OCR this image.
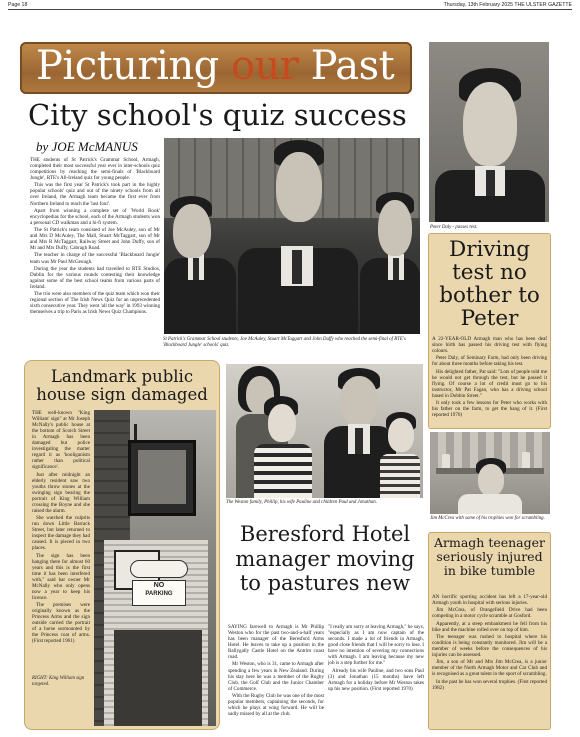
Page 18	Thursday, 13th February 2025 THE ULSTER GAZETTE
Picturing our Past
City school's quiz success
by JOE McMANUS

THE students of St Patrick's Grammar School, Armagh, completed their most successful year ever in inter-schools quiz competitions by reaching the semi-finals of 'Blackboard Jungle', RTE's All-Ireland quiz for young people.

This was the first year St Patrick's took part in the highly popular schools' quiz and out of the ninety schools from all over Ireland, the Armagh team became the first ever from Northern Ireland to reach the 'last four'.

Apart from winning a complete set of 'World Book' encyclopedias for the school, each of the Armagh students won a personal CD walkman and a hi-fi system.

The St Patrick's team consisted of Joe McAuley, son of Mr and Mrs D McAuley, The Mall, Stuart McTaggart, son of Mr and Mrs R McTaggart, Railway Street and John Duffy, son of Mr and Mrs Duffy, Cabragh Road.

The teacher in charge of the successful 'Blackboard Jungle' team was Mr Paul McGeough.

During the year the students had travelled to RTE Studios, Dublin for the various rounds contesting their knowledge against some of the best school teams from various parts of Ireland.

The trio were also members of the quiz team which won their regional section of The Irish News Quiz for an unprecedented sixth consecutive year. They went 'all the way' in 1993 winning themselves a trip to Paris as Irish News Quiz Champions.

St Patrick's Grammar School students, Joe McAuley, Stuart McTaggart and John Duffy who reached the semi-final of RTE's 'Blackboard Jungle' schools' quiz.
Peter Daly - passes test.
Driving test no bother to Peter

A 22-YEAR-OLD Armagh man who has been deaf since birth has passed his driving test with flying colours.

Peter Daly, of Seminary Farm, had only been driving for about three months before taking his test.

His delighted father, Pat said: "Lots of people told me he would not get through the test, but he passed it flying. Of course a lot of credit must go to his instructor, Mr Pat Fagan, who has a driving school based in Dobbin Street."

It only took a few lessons for Peter who works with his father on the farm, to get the hang of it. (First reported 1970)

Landmark public house sign damaged

THE well-known "King William' sign" at Mr Joseph McNally's public house at the bottom of Scotch Street in Armagh has been damaged but police investigating the matter regard it as 'hooliganism rather than political significance'.

Just after midnight an elderly resident saw two youths throw stones at the swinging sign bearing the portrait of King William crossing the Boyne and she raised the alarm.

She watched the culprits run down Little Barrack Street, but later returned to inspect the damage they had caused. It is pieced in two places.

The sign has been hanging there for almost 60 years and this is the first time it has been interfered with," said bar owner Mr McNally who only opens now a year to keep his licence.

The premises were originally known as the Princess Arms and the sign outside carried the portrait of a horse surmounted by the Princess coat of arms. (First reported 1961)

RIGHT: King William sign targeted.
NO
PARKING
The Weston family, Phillip, his wife Pauline and children Paul and Jonathan.
Beresford Hotel manager moving to pastures new

SAYING farewell to Armagh is Mr Phillip Weston who for the past two-and-a-half years has been manager of the Beresford Arms Hotel. He leaves to take up a position in the Ballygally Castle Hotel on the Antrim coast road.

Mr Weston, who is 31, came to Armagh after spending a few years in New Zealand. During his stay here he was a member of the Rugby Club, the Golf Club and the Junior Chamber of Commerce.

With the Rugby Club he was one of the most popular members, captaining the seconds, for which he plays at wing forward. He will be sadly missed by all at the club.

"I really am sorry at leaving Armagh," he says, "especially as I am now captain of the seconds. I made a lot of friends in Armagh, good close friends that I will be sorry to lose. I have no intention of severing my connections with Armagh. I am leaving because my new job is a step further for me."

Already his wife Pauline, and two sons Paul (3) and Jonathan (15 months) have left Armagh for a holiday before Mr Weston takes up his new position. (First reported 1970)

Jim McCrea with some of his trophies won for scrambling.
Armagh teenager seriously injured in bike tumble

AN horrific sporting accident has left a 17-year-old Armagh youth in hospital with serious injuries.

Jim McCrea, of Orangefield Drive had been competing in a motor cycle scramble at Gosford.

Apparently, at a steep embankment he fell from his bike and the machine rolled over on top of him.

The teenager was rushed to hospital where his condition is being constantly monitored. Jim will be a member of weeks before the consequences of his injuries can be assessed.

Jim, a son of Mr and Mrs Jim McCrea, is a junior member of the North Armagh Motor and Car Club and is recognised as a great talent in the sport of scrambling.

In the past he has won several trophies. (First reported 1982)
